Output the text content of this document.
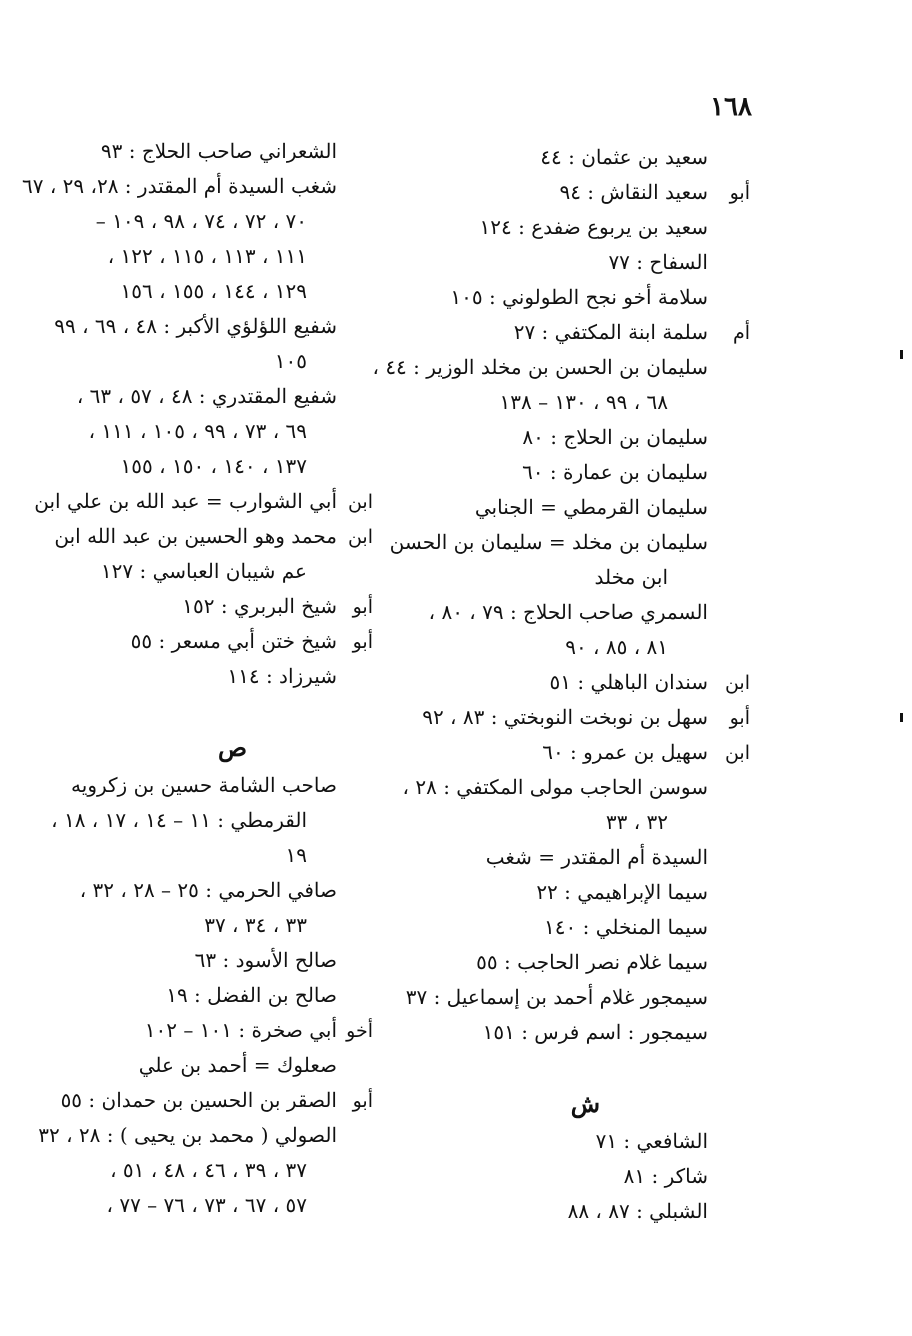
١٦٨
سعيد بن عثمان : ٤٤
أبوسعيد النقاش : ٩٤
سعيد بن يربوع ضفدع : ١٢٤
السفاح : ٧٧
سلامة أخو نجح الطولوني : ١٠٥
أمسلمة ابنة المكتفي : ٢٧
سليمان بن الحسن بن مخلد الوزير : ٤٤ ،
٦٨ ، ٩٩ ، ١٣٠ – ١٣٨
سليمان بن الحلاج : ٨٠
سليمان بن عمارة : ٦٠
سليمان القرمطي = الجنابي
سليمان بن مخلد = سليمان بن الحسن
ابن مخلد
السمري صاحب الحلاج : ٧٩ ، ٨٠ ،
٨١ ، ٨٥ ، ٩٠
ابنسندان الباهلي : ٥١
أبوسهل بن نوبخت النوبختي : ٨٣ ، ٩٢
ابنسهيل بن عمرو : ٦٠
سوسن الحاجب مولى المكتفي : ٢٨ ،
٣٢ ، ٣٣
السيدة أم المقتدر = شغب
سيما الإبراهيمي : ٢٢
سيما المنخلي : ١٤٠
سيما غلام نصر الحاجب : ٥٥
سيمجور غلام أحمد بن إسماعيل : ٣٧
سيمجور : اسم فرس : ١٥١
ش
الشافعي : ٧١
شاكر : ٨١
الشبلي : ٨٧ ، ٨٨
الشعراني صاحب الحلاج : ٩٣
شغب السيدة أم المقتدر : ٢٨، ٢٩ ، ٦٧
٧٠ ، ٧٢ ، ٧٤ ، ٩٨ ، ١٠٩ –
١١١ ، ١١٣ ، ١١٥ ، ١٢٢ ،
١٢٩ ، ١٤٤ ، ١٥٥ ، ١٥٦
شفيع اللؤلؤي الأكبر : ٤٨ ، ٦٩ ، ٩٩
١٠٥
شفيع المقتدري : ٤٨ ، ٥٧ ، ٦٣ ،
٦٩ ، ٧٣ ، ٩٩ ، ١٠٥ ، ١١١ ،
١٣٧ ، ١٤٠ ، ١٥٠ ، ١٥٥
ابنأبي الشوارب = عبد الله بن علي ابن
ابنمحمد وهو الحسين بن عبد الله ابن
عم شيبان العباسي : ١٢٧
أبوشيخ البربري : ١٥٢
أبوشيخ ختن أبي مسعر : ٥٥
شيرزاد : ١١٤
ص
صاحب الشامة حسين بن زكرويه
القرمطي : ١١ – ١٤ ، ١٧ ، ١٨ ،
١٩
صافي الحرمي : ٢٥ – ٢٨ ، ٣٢ ،
٣٣ ، ٣٤ ، ٣٧
صالح الأسود : ٦٣
صالح بن الفضل : ١٩
أخوأبي صخرة : ١٠١ – ١٠٢
صعلوك = أحمد بن علي
أبوالصقر بن الحسين بن حمدان : ٥٥
الصولي ( محمد بن يحيى ) : ٢٨ ، ٣٢
٣٧ ، ٣٩ ، ٤٦ ، ٤٨ ، ٥١ ،
٥٧ ، ٦٧ ، ٧٣ ، ٧٦ – ٧٧ ،
